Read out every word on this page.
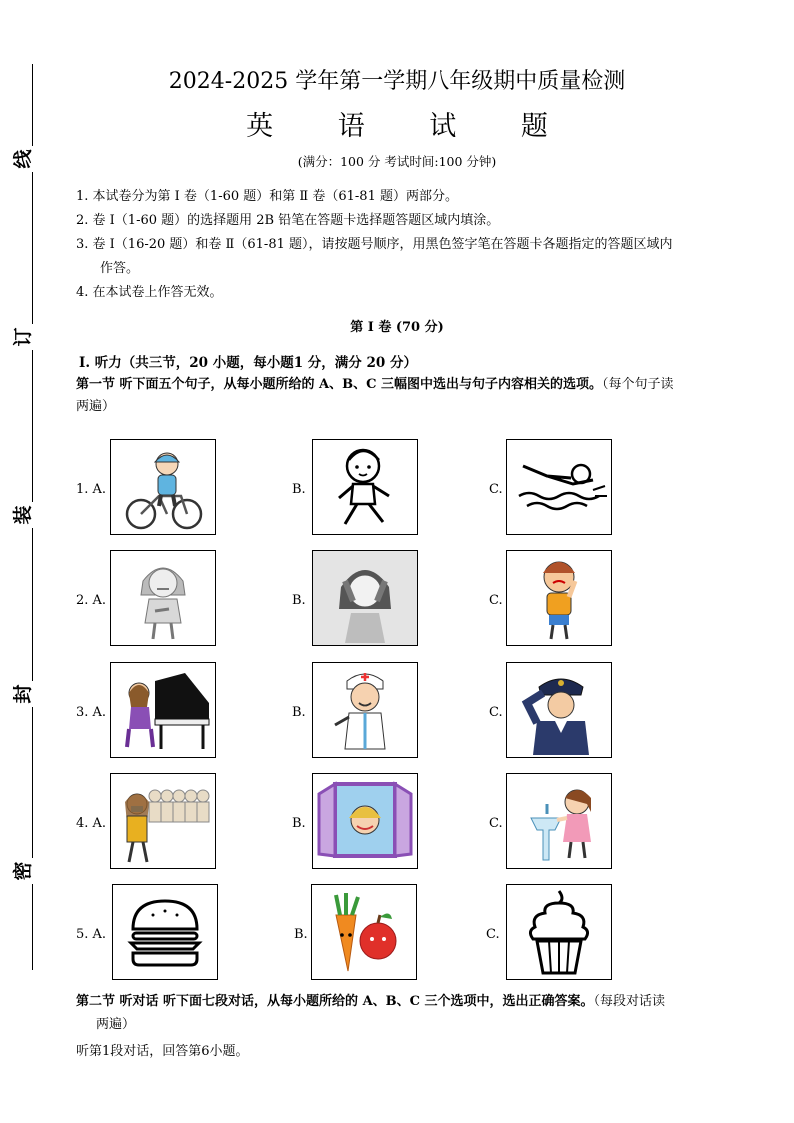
线
订
装
封
密
2024-2025 学年第一学期八年级期中质量检测
英 语 试 题
(满分：100 分 考试时间:100 分钟)
1. 本试卷分为第 Ⅰ 卷（1-60 题）和第 Ⅱ 卷（61-81 题）两部分。
2. 卷 Ⅰ（1-60 题）的选择题用 2B 铅笔在答题卡选择题答题区域内填涂。
3. 卷 Ⅰ（16-20 题）和卷 Ⅱ（61-81 题），请按题号顺序，用黑色签字笔在答题卡各题指定的答题区域内
作答。
4. 在本试卷上作答无效。
第 Ⅰ 卷 (70 分)
Ⅰ. 听力（共三节，20 小题，每小题1 分，满分 20 分）
第一节 听下面五个句子，从每小题所给的 A、B、C 三幅图中选出与句子内容相关的选项。（每个句子读
两遍）
1. A.	B.	C.
2. A.	B.	C.
3. A.	B.	C.
4. A.	B.	C.
5. A.	B.	C.
第二节 听对话 听下面七段对话，从每小题所给的 A、B、C 三个选项中，选出正确答案。（每段对话读
两遍）
听第1段对话，回答第6小题。
